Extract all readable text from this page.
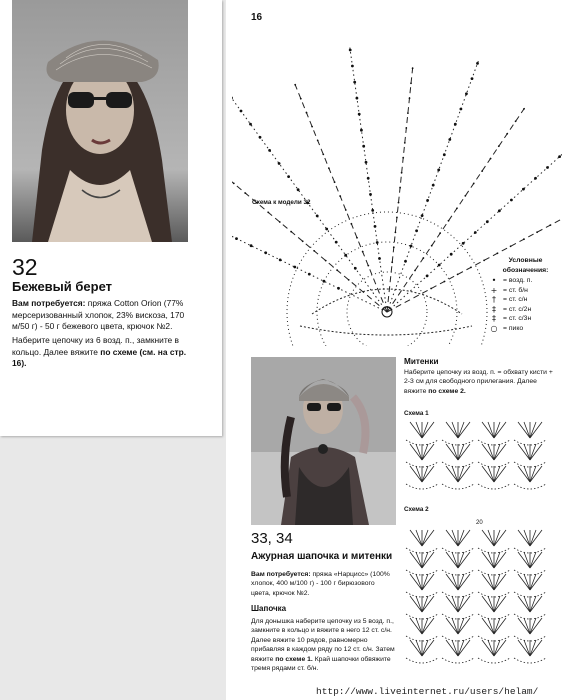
32
Бежевый берет

Вам потребуется: пряжа Cotton Orion (77% мерсеризованный хлопок, 23% вискоза, 170 м/50 г) - 50 г бежевого цвета, крючок №2.

Наберите цепочку из 6 возд. п., замкните в кольцо. Далее вяжите по схеме (см. на стр. 16).

16
Схема к модели 32
Условные обозначения:
• = возд. п.
+ = ст. б/н
†	= ст. с/н
‡	= ст. с/2н
‡	= ст. с/3н
○ = пико
Митенки

Наберите цепочку из возд. п. = обхвату кисти + 2-3 см для свободного прилегания. Далее вяжите по схеме 2.

Схема 1
Схема 2
20
33, 34
Ажурная шапочка и митенки

Вам потребуется: пряжа «Нарцисс» (100% хлопок, 400 м/100 г) - 100 г бирюзового цвета, крючок №2.

Шапочка

Для донышка наберите цепочку из 5 возд. п., замкните в кольцо и вяжите в него 12 ст. с/н. Далее вяжите 10 рядов, равномерно прибавляя в каждом ряду по 12 ст. с/н. Затем вяжите по схеме 1. Край шапочки обвяжите тремя рядами ст. б/н.

http://www.liveinternet.ru/users/helam/
